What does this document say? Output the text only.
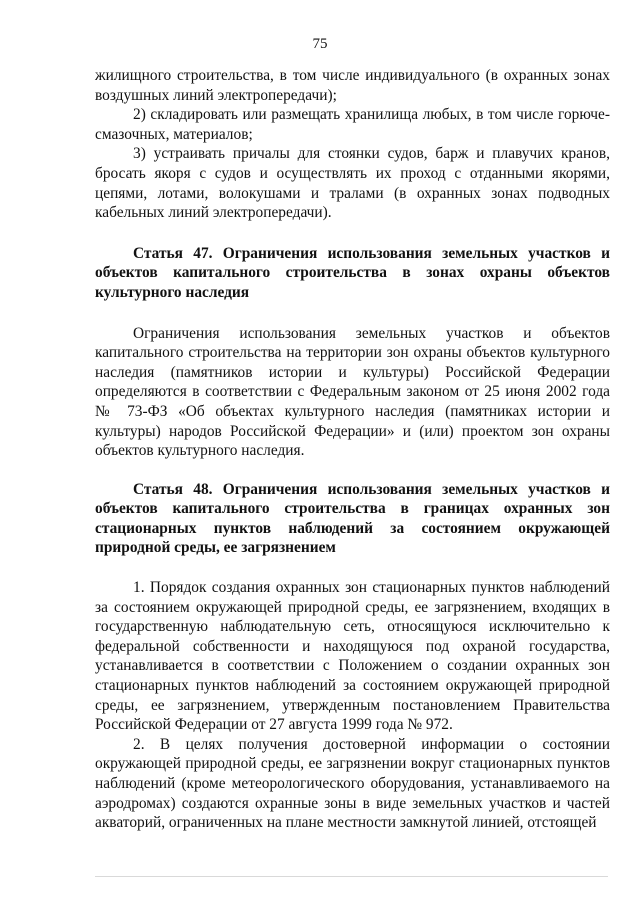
75

жилищного строительства, в том числе индивидуального (в охранных зонах воздушных линий электропередачи);

2) складировать или размещать хранилища любых, в том числе горюче-смазочных, материалов;

3) устраивать причалы для стоянки судов, барж и плавучих кранов, бросать якоря с судов и осуществлять их проход с отданными якорями, цепями, лотами, волокушами и тралами (в охранных зонах подводных кабельных линий электропередачи).

Статья 47. Ограничения использования земельных участков и объектов капитального строительства в зонах охраны объектов культурного наследия

Ограничения использования земельных участков и объектов капитального строительства на территории зон охраны объектов культурного наследия (памятников истории и культуры) Российской Федерации определяются в соответствии с Федеральным законом от 25 июня 2002 года № 73-ФЗ «Об объектах культурного наследия (памятниках истории и культуры) народов Российской Федерации» и (или) проектом зон охраны объектов культурного наследия.

Статья 48. Ограничения использования земельных участков и объектов капитального строительства в границах охранных зон стационарных пунктов наблюдений за состоянием окружающей природной среды, ее загрязнением

1. Порядок создания охранных зон стационарных пунктов наблюдений за состоянием окружающей природной среды, ее загрязнением, входящих в государственную наблюдательную сеть, относящуюся исключительно к федеральной собственности и находящуюся под охраной государства, устанавливается в соответствии с Положением о создании охранных зон стационарных пунктов наблюдений за состоянием окружающей природной среды, ее загрязнением, утвержденным постановлением Правительства Российской Федерации от 27 августа 1999 года № 972.

2. В целях получения достоверной информации о состоянии окружающей природной среды, ее загрязнении вокруг стационарных пунктов наблюдений (кроме метеорологического оборудования, устанавливаемого на аэродромах) создаются охранные зоны в виде земельных участков и частей акваторий, ограниченных на плане местности замкнутой линией, отстоящей
